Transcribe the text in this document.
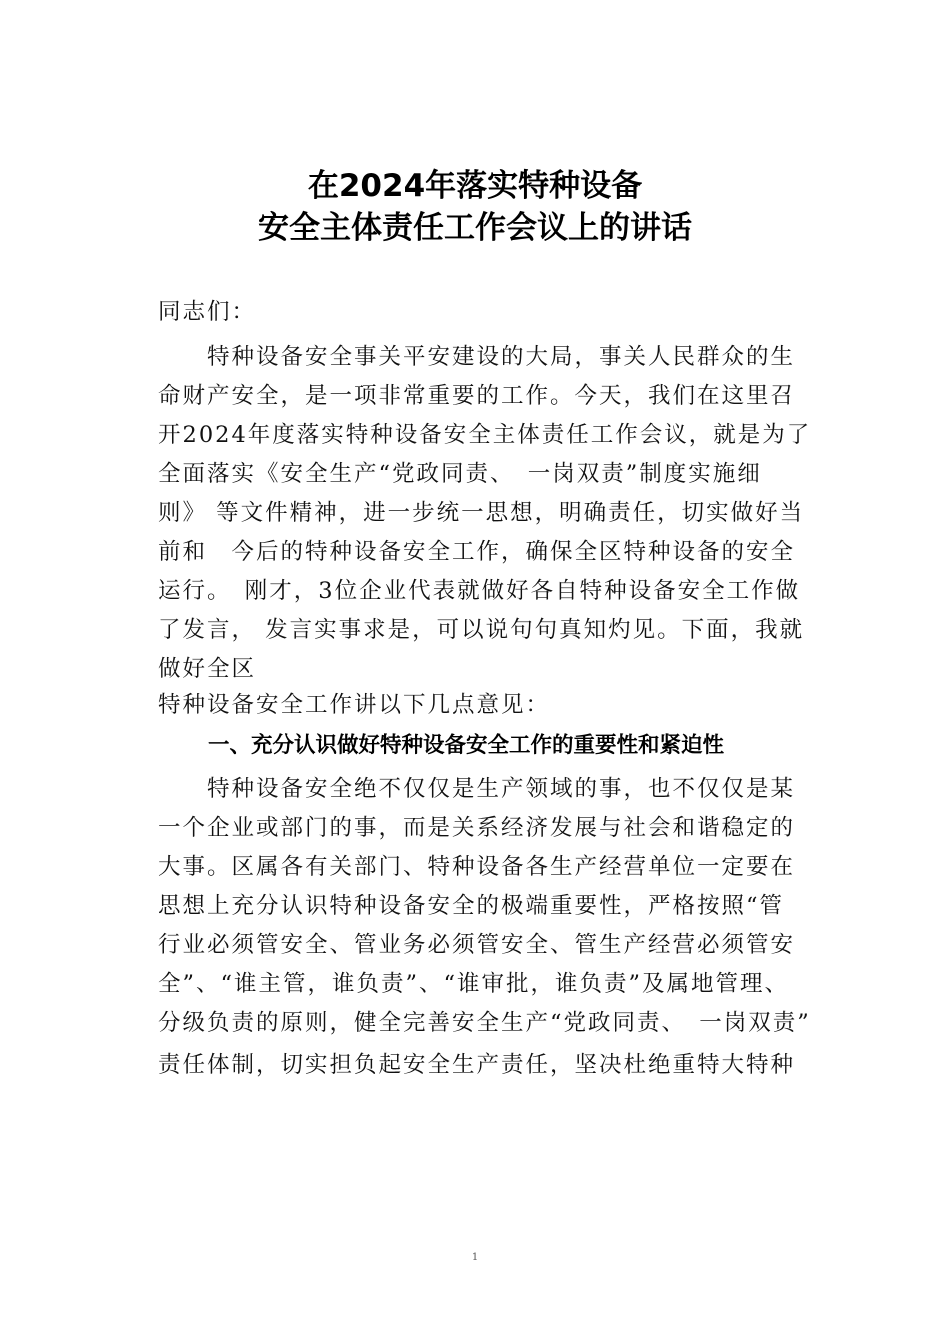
在2024年落实特种设备
安全主体责任工作会议上的讲话

同志们：

　　特种设备安全事关平安建设的大局，事关人民群众的生

命财产安全，是一项非常重要的工作。今天，我们在这里召

开2024年度落实特种设备安全主体责任工作会议，就是为了

全面落实《安全生产“党政同责、　一岗双责”制度实施细

则》 等文件精神，进一步统一思想，明确责任，切实做好当

前和　今后的特种设备安全工作，确保全区特种设备的安全

运行。　刚才，3位企业代表就做好各自特种设备安全工作做

了发言， 发言实事求是，可以说句句真知灼见。下面，我就

做好全区

特种设备安全工作讲以下几点意见：

一、充分认识做好特种设备安全工作的重要性和紧迫性

　　特种设备安全绝不仅仅是生产领域的事，也不仅仅是某

一个企业或部门的事，而是关系经济发展与社会和谐稳定的

大事。区属各有关部门、特种设备各生产经营单位一定要在

思想上充分认识特种设备安全的极端重要性，严格按照“管

行业必须管安全、管业务必须管安全、管生产经营必须管安

全”、“谁主管，谁负责”、“谁审批，谁负责”及属地管理、

分级负责的原则，健全完善安全生产“党政同责、　一岗双责”

责任体制，切实担负起安全生产责任，坚决杜绝重特大特种

1
